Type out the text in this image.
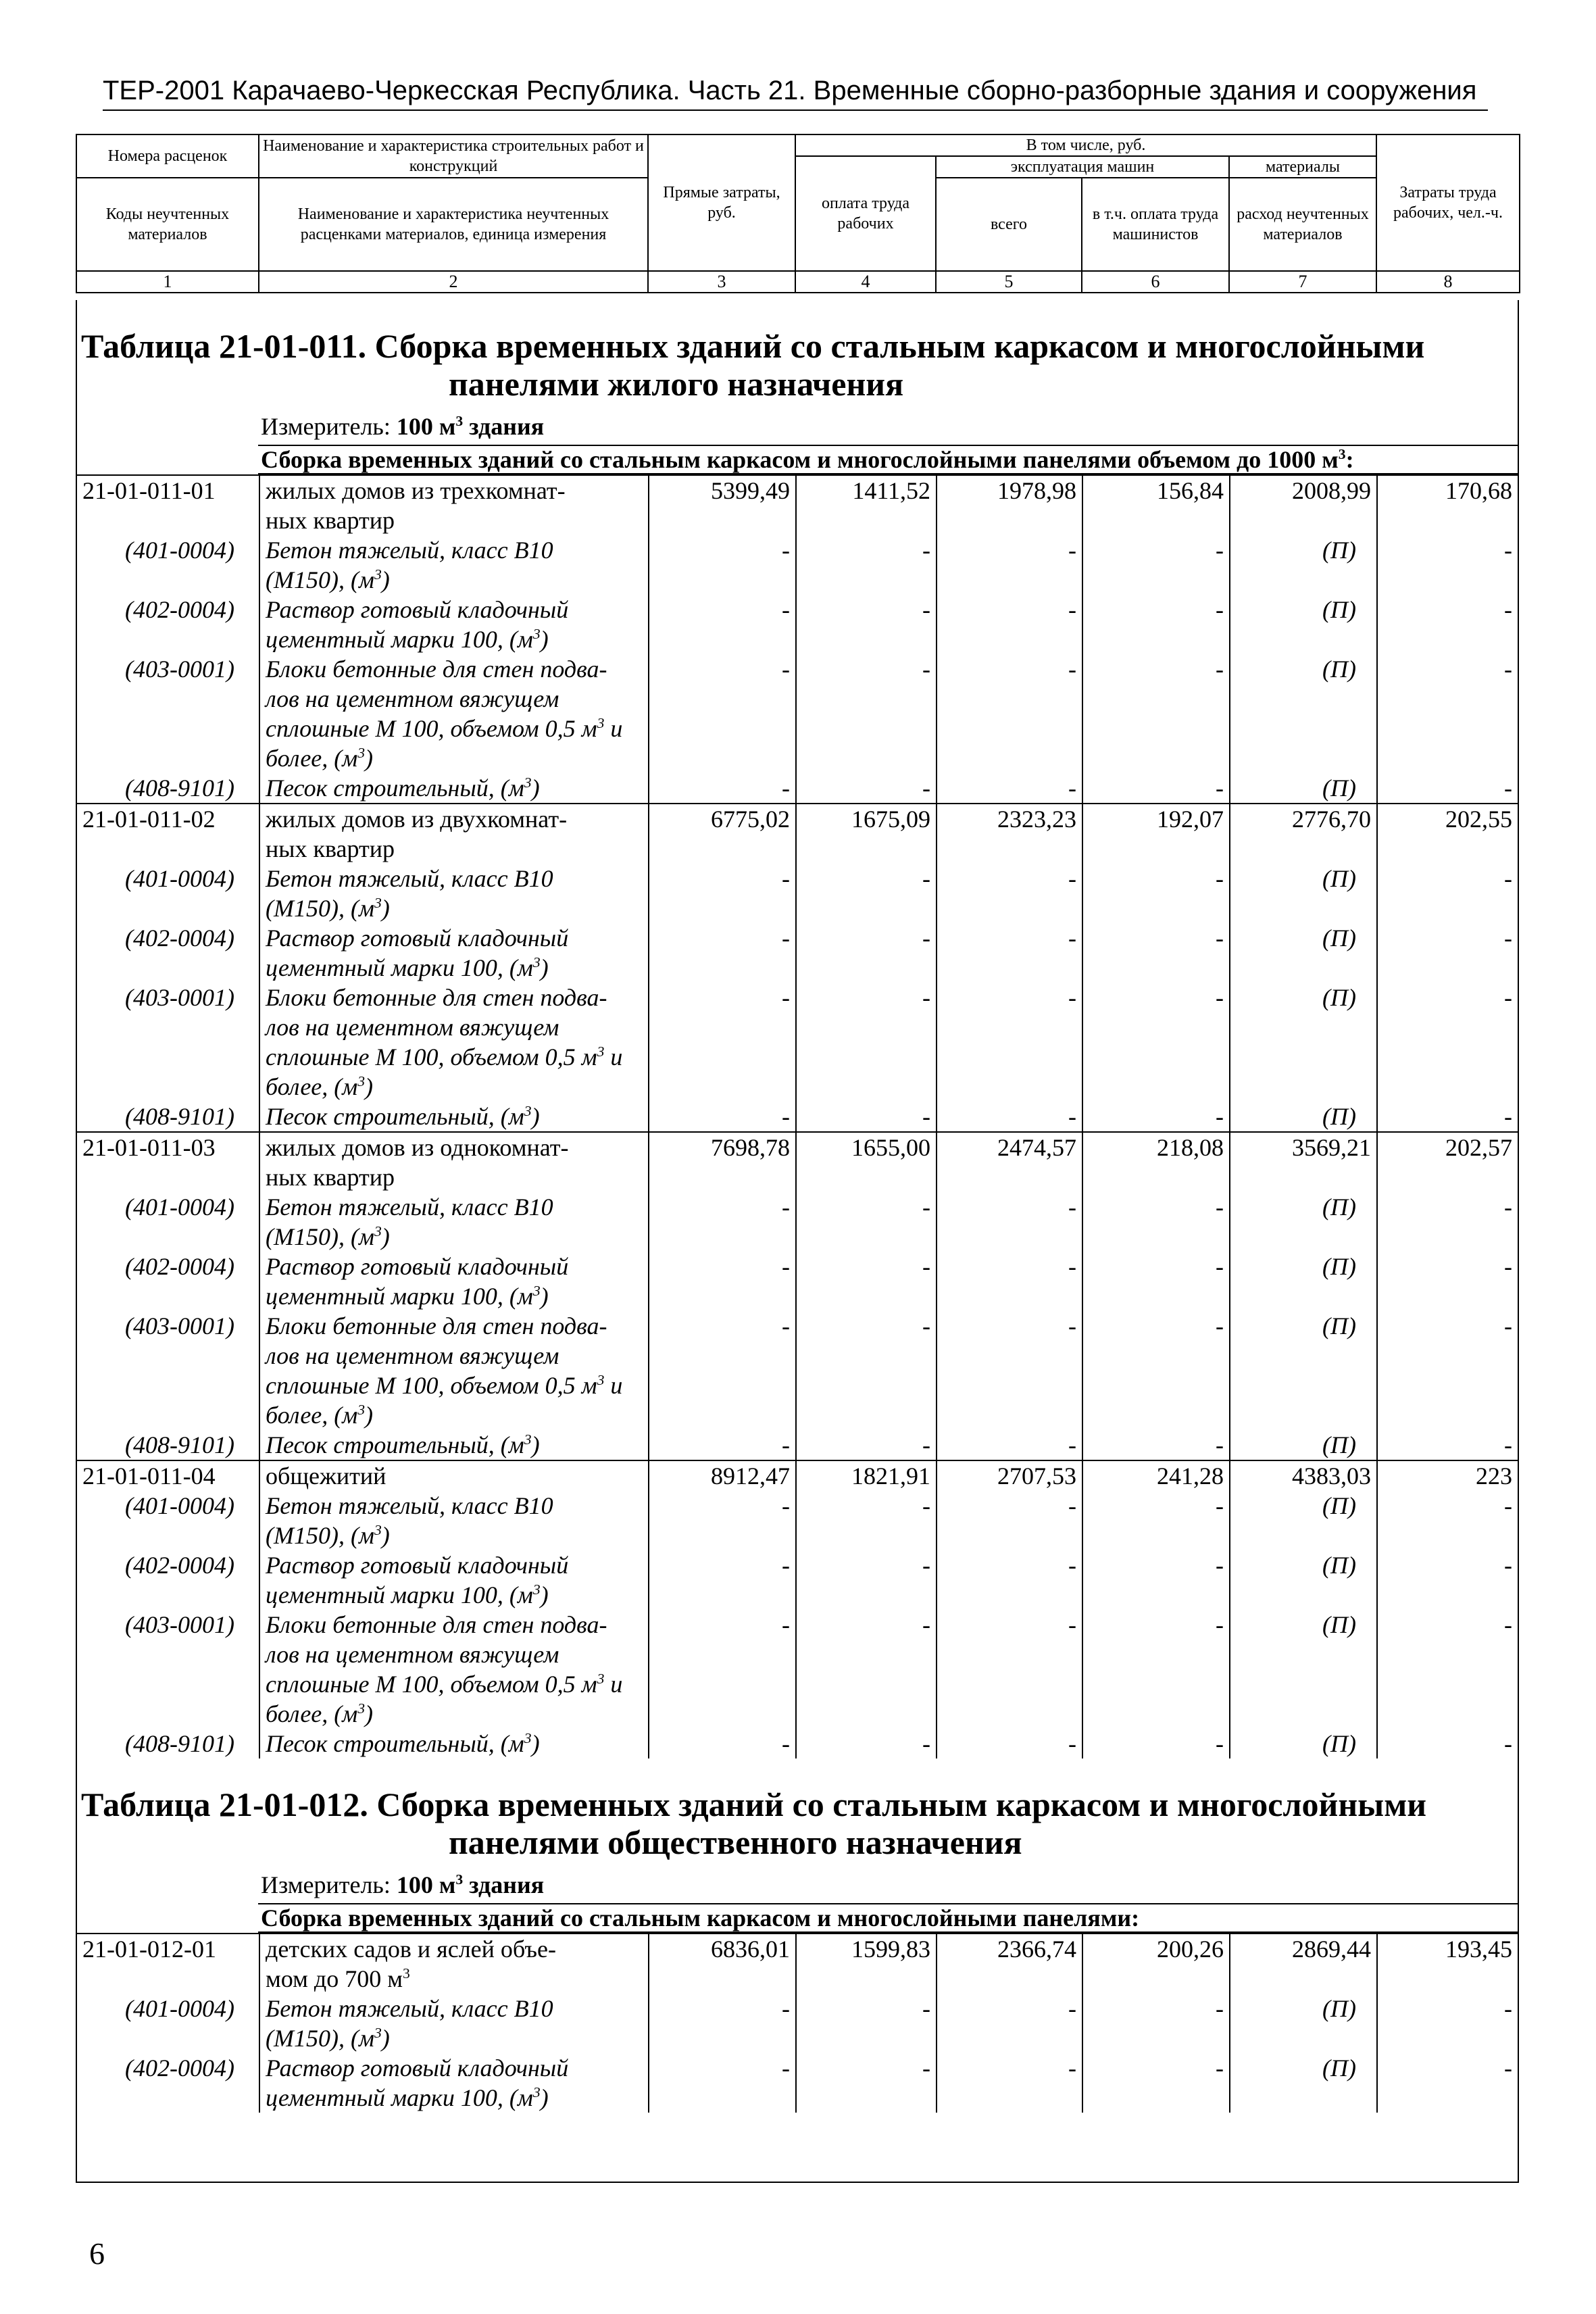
ТЕР-2001 Карачаево-Черкесская Республика. Часть 21. Временные сборно-разборные здания и сооружения
Номера расценок	Наименование и характеристика строительных работ и конструкций	Прямые затраты, руб.	В том числе, руб.				Затраты труда рабочих, чел.-ч.
			оплата труда рабочих	эксплуатация машин		материалы	
Коды неучтенных материалов	Наименование и характеристика неучтенных расценками материалов, единица измерения			всего	в т.ч. оплата труда машинистов	расход неучтенных материалов	

1	2	3	4	5	6	7	8
Таблица 21-01-011. Сборка временных зданий со стальным каркасом и многослойными
панелями жилого назначения
Измеритель: 100 $м^3$ здания
Сборка временных зданий со стальным каркасом и многослойными панелями объемом до 1000 $м^3$:
21-01-011-01	жилых домов из трехкомнат-	5399,49	1411,52	1978,98	156,84	2008,99	170,68
	ных квартир						
(401-0004)	Бетон тяжелый, класс В10	-	-	-	-	(П)	-
	(М150), $(м^3)$						
(402-0004)	Раствор готовый кладочный	-	-	-	-	(П)	-
	цементный марки 100, $(м^3)$						
(403-0001)	Блоки бетонные для стен подва-	-	-	-	-	(П)	-
	лов на цементном вяжущем						
	сплошные М 100, объемом 0,5 $м^3$ и						
	более, $(м^3)$						
(408-9101)	Песок строительный, $(м^3)$	-	-	-	-	(П)	-
21-01-011-02	жилых домов из двухкомнат-	6775,02	1675,09	2323,23	192,07	2776,70	202,55
	ных квартир						
(401-0004)	Бетон тяжелый, класс В10	-	-	-	-	(П)	-
	(М150), $(м^3)$						
(402-0004)	Раствор готовый кладочный	-	-	-	-	(П)	-
	цементный марки 100, $(м^3)$						
(403-0001)	Блоки бетонные для стен подва-	-	-	-	-	(П)	-
	лов на цементном вяжущем						
	сплошные М 100, объемом 0,5 $м^3$ и						
	более, $(м^3)$						
(408-9101)	Песок строительный, $(м^3)$	-	-	-	-	(П)	-
21-01-011-03	жилых домов из однокомнат-	7698,78	1655,00	2474,57	218,08	3569,21	202,57
	ных квартир						
(401-0004)	Бетон тяжелый, класс В10	-	-	-	-	(П)	-
	(М150), $(м^3)$						
(402-0004)	Раствор готовый кладочный	-	-	-	-	(П)	-
	цементный марки 100, $(м^3)$						
(403-0001)	Блоки бетонные для стен подва-	-	-	-	-	(П)	-
	лов на цементном вяжущем						
	сплошные М 100, объемом 0,5 $м^3$ и						
	более, $(м^3)$						
(408-9101)	Песок строительный, $(м^3)$	-	-	-	-	(П)	-
21-01-011-04	общежитий	8912,47	1821,91	2707,53	241,28	4383,03	223
(401-0004)	Бетон тяжелый, класс В10	-	-	-	-	(П)	-
	(М150), $(м^3)$						
(402-0004)	Раствор готовый кладочный	-	-	-	-	(П)	-
	цементный марки 100, $(м^3)$						
(403-0001)	Блоки бетонные для стен подва-	-	-	-	-	(П)	-
	лов на цементном вяжущем						
	сплошные М 100, объемом 0,5 $м^3$ и						
	более, $(м^3)$						
(408-9101)	Песок строительный, $(м^3)$	-	-	-	-	(П)	-
Таблица 21-01-012. Сборка временных зданий со стальным каркасом и многослойными
панелями общественного назначения
Измеритель: 100 $м^3$ здания
Сборка временных зданий со стальным каркасом и многослойными панелями:
21-01-012-01	детских садов и яслей объе-	6836,01	1599,83	2366,74	200,26	2869,44	193,45
	мом до 700 $м^3$						
(401-0004)	Бетон тяжелый, класс В10	-	-	-	-	(П)	-
	(М150), $(м^3)$						
(402-0004)	Раствор готовый кладочный	-	-	-	-	(П)	-
	цементный марки 100, $(м^3)$						
6
